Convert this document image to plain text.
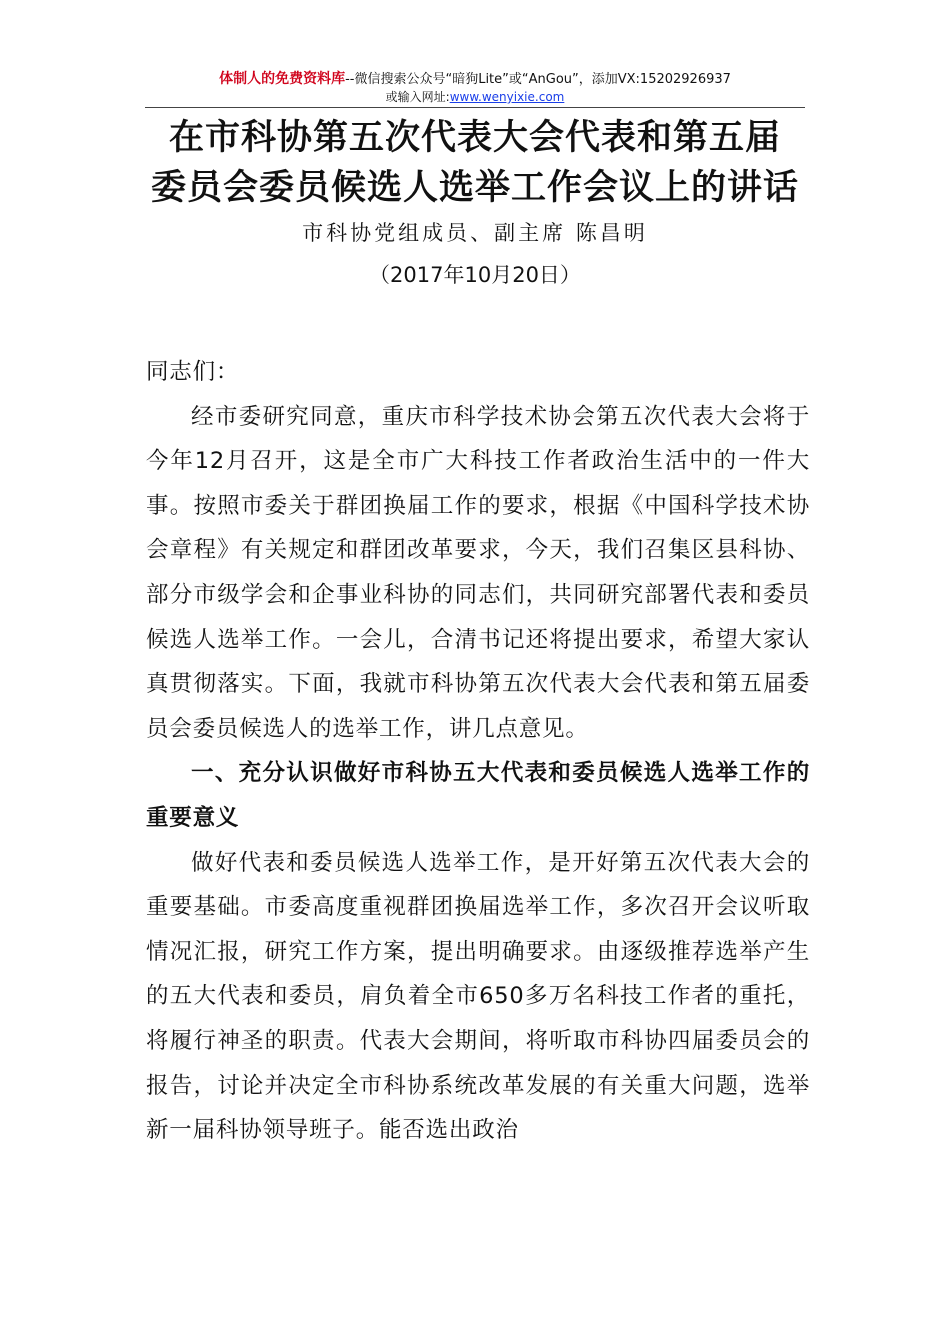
体制人的免费资料库--微信搜索公众号“暗狗Lite”或“AnGou”，添加VX:15202926937
或输入网址:www.wenyixie.com
在市科协第五次代表大会代表和第五届
委员会委员候选人选举工作会议上的讲话
市科协党组成员、副主席 陈昌明
（2017年10月20日）

同志们：

经市委研究同意，重庆市科学技术协会第五次代表大会将于今年12月召开，这是全市广大科技工作者政治生活中的一件大事。按照市委关于群团换届工作的要求，根据《中国科学技术协会章程》有关规定和群团改革要求，今天，我们召集区县科协、部分市级学会和企事业科协的同志们，共同研究部署代表和委员候选人选举工作。一会儿，合清书记还将提出要求，希望大家认真贯彻落实。下面，我就市科协第五次代表大会代表和第五届委员会委员候选人的选举工作，讲几点意见。

一、充分认识做好市科协五大代表和委员候选人选举工作的重要意义

做好代表和委员候选人选举工作，是开好第五次代表大会的重要基础。市委高度重视群团换届选举工作，多次召开会议听取情况汇报，研究工作方案，提出明确要求。由逐级推荐选举产生的五大代表和委员，肩负着全市650多万名科技工作者的重托，将履行神圣的职责。代表大会期间，将听取市科协四届委员会的报告，讨论并决定全市科协系统改革发展的有关重大问题，选举新一届科协领导班子。能否选出政治
